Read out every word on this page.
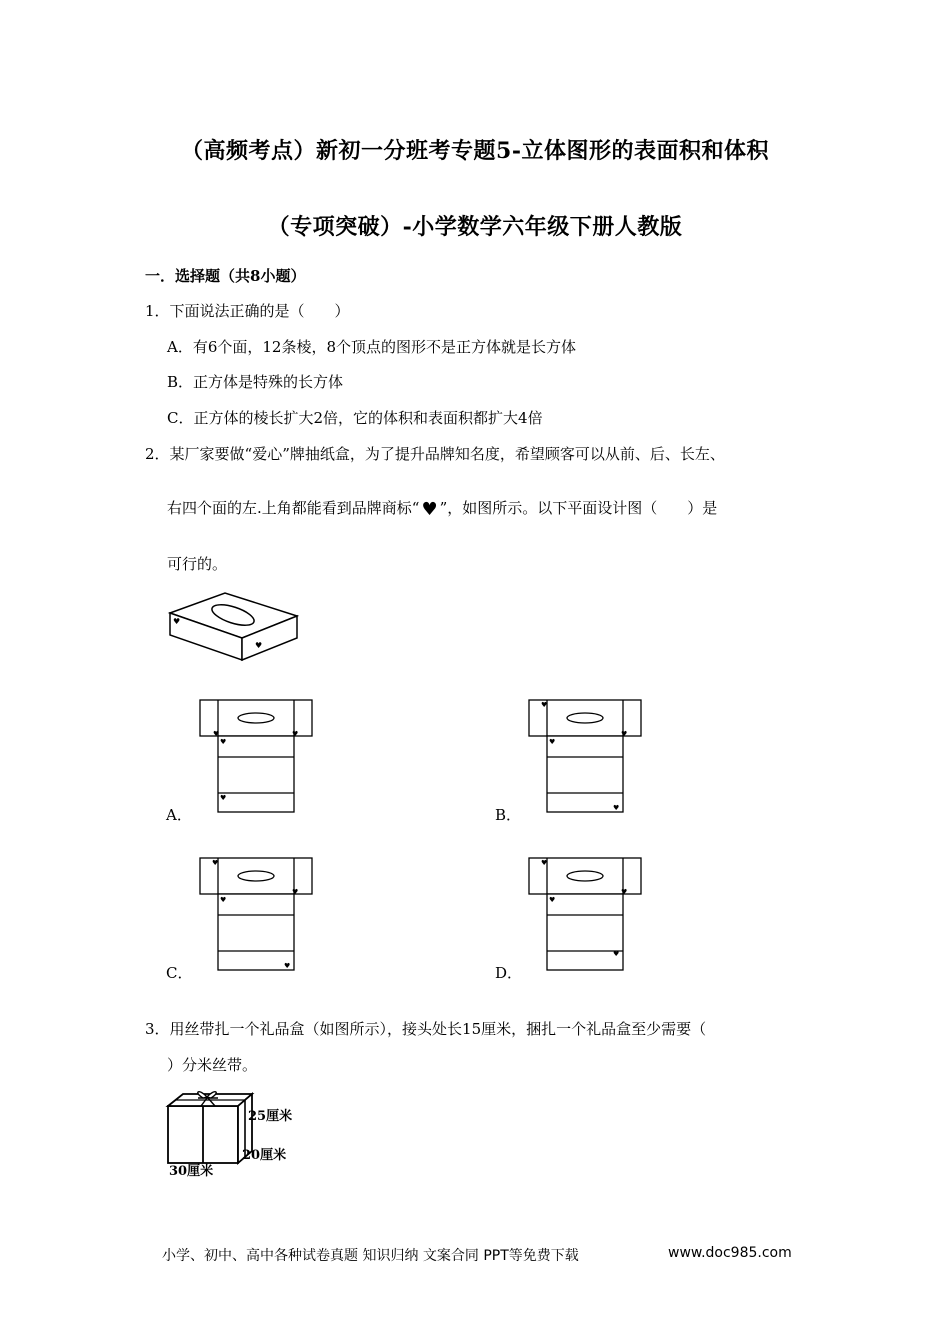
（高频考点）新初一分班考专题5-立体图形的表面积和体积
（专项突破）-小学数学六年级下册人教版
一．选择题（共8小题）
1．下面说法正确的是（　　）
A．有6个面，12条棱，8个顶点的图形不是正方体就是长方体
B．正方体是特殊的长方体
C．正方体的棱长扩大2倍，它的体积和表面积都扩大4倍
2．某厂家要做“爱心”牌抽纸盒，为了提升品牌知名度，希望顾客可以从前、后、长左、
右四个面的左.上角都能看到品牌商标“ ♥ ”，如图所示。以下平面设计图（　　）是
可行的。
♥
♥
♥	♥
♥
♥
A．
♥
♥
♥
♥
B．
♥
♥
♥
♥
C．
♥
♥
♥
♥
D．
3．用丝带扎一个礼品盒（如图所示），接头处长15厘米，捆扎一个礼品盒至少需要（
）分米丝带。
25厘米
20厘米
30厘米
小学、初中、高中各种试卷真题 知识归纳 文案合同 PPT等免费下载	www.doc985.com
